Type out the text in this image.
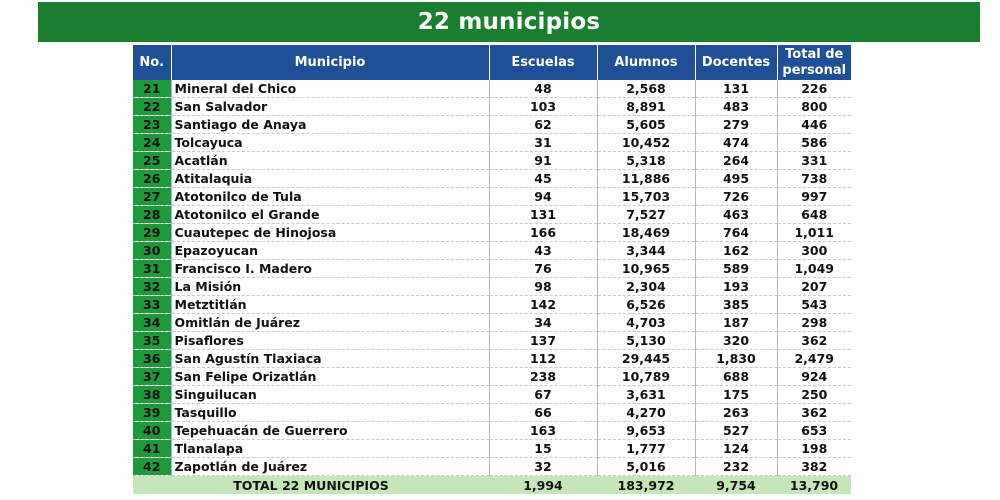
22 municipios
No.	Municipio	Escuelas	Alumnos	Docentes	Total de
personal
21	Mineral del Chico	48	2,568	131	226
22	San Salvador	103	8,891	483	800
23	Santiago de Anaya	62	5,605	279	446
24	Tolcayuca	31	10,452	474	586
25	Acatlán	91	5,318	264	331
26	Atitalaquia	45	11,886	495	738
27	Atotonilco de Tula	94	15,703	726	997
28	Atotonilco el Grande	131	7,527	463	648
29	Cuautepec de Hinojosa	166	18,469	764	1,011
30	Epazoyucan	43	3,344	162	300
31	Francisco I. Madero	76	10,965	589	1,049
32	La Misión	98	2,304	193	207
33	Metztitlán	142	6,526	385	543
34	Omitlán de Juárez	34	4,703	187	298
35	Pisaflores	137	5,130	320	362
36	San Agustín Tlaxiaca	112	29,445	1,830	2,479
37	San Felipe Orizatlán	238	10,789	688	924
38	Singuilucan	67	3,631	175	250
39	Tasquillo	66	4,270	263	362
40	Tepehuacán de Guerrero	163	9,653	527	653
41	Tlanalapa	15	1,777	124	198
42	Zapotlán de Juárez	32	5,016	232	382
TOTAL 22 MUNICIPIOS		1,994	183,972	9,754	13,790
